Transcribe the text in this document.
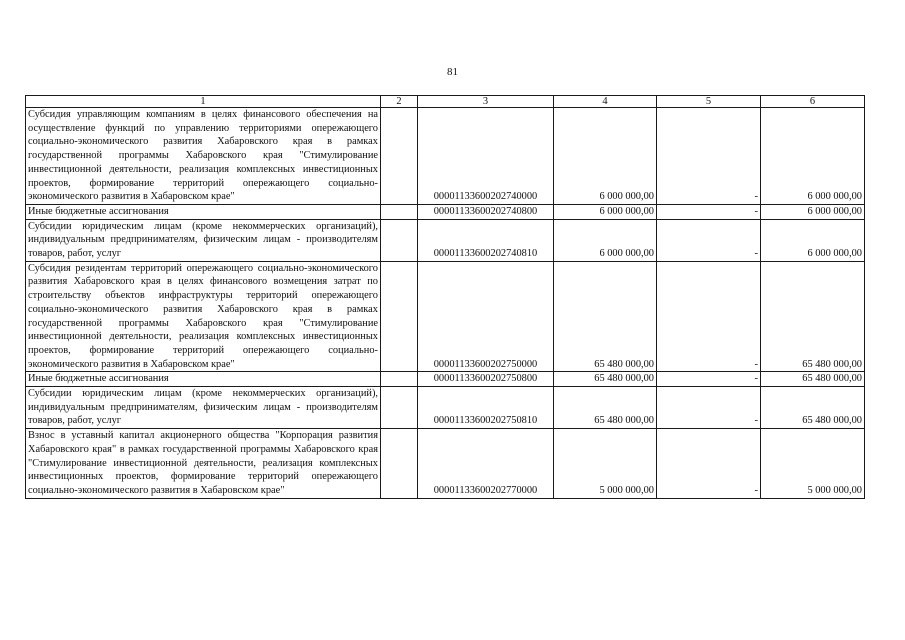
81
1	2	3	4	5	6
Субсидия управляющим компаниям в целях финансового обеспечения на осуществление функций по управлению территориями опережающего социально-экономического развития Хабаровского края в рамках государственной программы Хабаровского края "Стимулирование инвестиционной деятельности, реализация комплексных инвестиционных проектов, формирование территорий опережающего социально-экономического развития в Хабаровском крае"		00001133600202740000	6 000 000,00	-	6 000 000,00
Иные бюджетные ассигнования		00001133600202740800	6 000 000,00	-	6 000 000,00
Субсидии юридическим лицам (кроме некоммерческих организаций), индивидуальным предпринимателям, физическим лицам - производителям товаров, работ, услуг		00001133600202740810	6 000 000,00	-	6 000 000,00
Субсидия резидентам территорий опережающего социально-экономического развития Хабаровского края в целях финансового возмещения затрат по строительству объектов инфраструктуры территорий опережающего социально-экономического развития Хабаровского края в рамках государственной программы Хабаровского края "Стимулирование инвестиционной деятельности, реализация комплексных инвестиционных проектов, формирование территорий опережающего социально-экономического развития в Хабаровском крае"		00001133600202750000	65 480 000,00	-	65 480 000,00
Иные бюджетные ассигнования		00001133600202750800	65 480 000,00	-	65 480 000,00
Субсидии юридическим лицам (кроме некоммерческих организаций), индивидуальным предпринимателям, физическим лицам - производителям товаров, работ, услуг		00001133600202750810	65 480 000,00	-	65 480 000,00
Взнос в уставный капитал акционерного общества "Корпорация развития Хабаровского края" в рамках государственной программы Хабаровского края "Стимулирование инвестиционной деятельности, реализация комплексных инвестиционных проектов, формирование территорий опережающего социально-экономического развития в Хабаровском крае"		00001133600202770000	5 000 000,00	-	5 000 000,00
